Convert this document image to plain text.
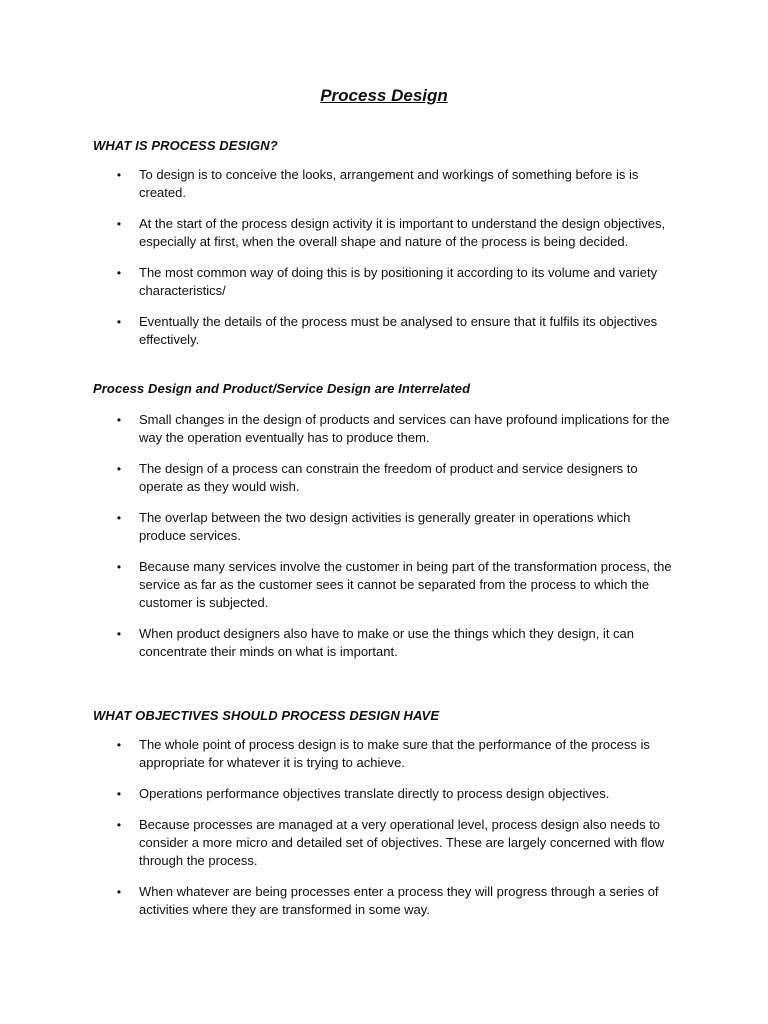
Process Design
WHAT IS PROCESS DESIGN?
• To design is to conceive the looks, arrangement and workings of something before is is created.
• At the start of the process design activity it is important to understand the design objectives, especially at first, when the overall shape and nature of the process is being decided.
• The most common way of doing this is by positioning it according to its volume and variety characteristics/
• Eventually the details of the process must be analysed to ensure that it fulfils its objectives effectively.
Process Design and Product/Service Design are Interrelated
• Small changes in the design of products and services can have profound implications for the way the operation eventually has to produce them.
• The design of a process can constrain the freedom of product and service designers to operate as they would wish.
• The overlap between the two design activities is generally greater in operations which produce services.
• Because many services involve the customer in being part of the transformation process, the service as far as the customer sees it cannot be separated from the process to which the customer is subjected.
• When product designers also have to make or use the things which they design, it can concentrate their minds on what is important.
WHAT OBJECTIVES SHOULD PROCESS DESIGN HAVE
• The whole point of process design is to make sure that the performance of the process is appropriate for whatever it is trying to achieve.
• Operations performance objectives translate directly to process design objectives.
• Because processes are managed at a very operational level, process design also needs to consider a more micro and detailed set of objectives. These are largely concerned with flow through the process.
• When whatever are being processes enter a process they will progress through a series of activities where they are transformed in some way.
